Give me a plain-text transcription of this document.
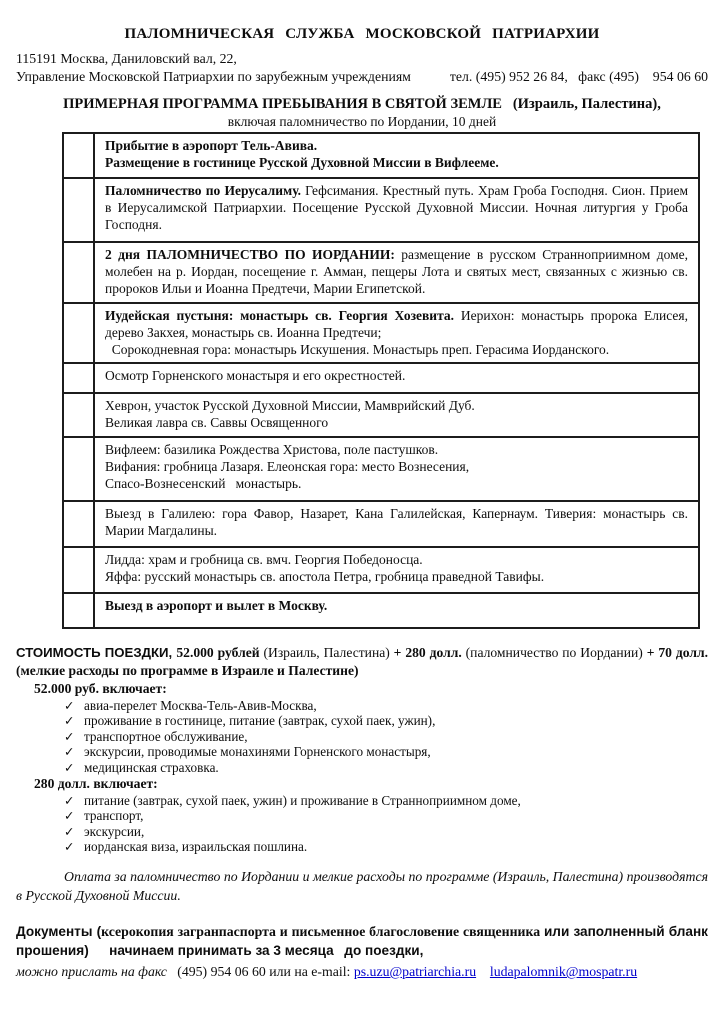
ПАЛОМНИЧЕСКАЯ СЛУЖБА МОСКОВСКОЙ ПАТРИАРХИИ
115191 Москва, Даниловский вал, 22,
Управление Московской Патриархии по зарубежным учреждениям	тел. (495) 952 26 84,  факс (495)   954 06 60
ПРИМЕРНАЯ ПРОГРАММА ПРЕБЫВАНИЯ В СВЯТОЙ ЗЕМЛЕ  (Израиль, Палестина),
включая паломничество по Иордании, 10 дней
Прибытие в аэропорт Тель-Авива.
Размещение в гостинице Русской Духовной Миссии в Вифлееме.
Паломничество по Иерусалиму. Гефсимания. Крестный путь. Храм Гроба Господня. Сион. Прием в Иерусалимской Патриархии. Посещение Русской Духовной Миссии. Ночная литургия у Гроба Господня.
2 дня ПАЛОМНИЧЕСТВО ПО ИОРДАНИИ: размещение в русском Странноприимном доме, молебен на р. Иордан, посещение г. Амман, пещеры Лота и святых мест, связанных с жизнью св. пророков Ильи и Иоанна Предтечи, Марии Египетской.
Иудейская пустыня: монастырь св. Георгия Хозевита. Иерихон: монастырь пророка Елисея, дерево Закхея, монастырь св. Иоанна Предтечи;
 Сорокодневная гора: монастырь Искушения. Монастырь преп. Герасима Иорданского.
Осмотр Горненского монастыря и его окрестностей.
Хеврон, участок Русской Духовной Миссии, Мамврийский Дуб.
Великая лавра св. Саввы Освященного
Вифлеем: базилика Рождества Христова, поле пастушков.
Вифания: гробница Лазаря. Елеонская гора: место Вознесения,
Спасо-Вознесенский  монастырь.
Выезд в Галилею: гора Фавор, Назарет, Кана Галилейская, Капернаум. Тиверия: монастырь св. Марии Магдалины.
Лидда: храм и гробница св. вмч. Георгия Победоносца.
Яффа: русский монастырь св. апостола Петра, гробница праведной Тавифы.
Выезд в аэропорт и вылет в Москву.
СТОИМОСТЬ ПОЕЗДКИ, 52.000 рублей (Израиль, Палестина) + 280 долл. (паломничество по Иордании) + 70 долл. (мелкие расходы по программе в Израиле и Палестине)
52.000 руб. включает:
✓ авиа-перелет Москва-Тель-Авив-Москва,
✓ проживание в гостинице, питание (завтрак, сухой паек, ужин),
✓ транспортное обслуживание,
✓ экскурсии, проводимые монахинями Горненского монастыря,
✓ медицинская страховка.
280 долл. включает:
✓ питание (завтрак, сухой паек, ужин) и проживание в Странноприимном доме,
✓ транспорт,
✓ экскурсии,
✓ иорданская виза, израильская пошлина.
Оплата за паломничество по Иордании и мелкие расходы по программе (Израиль, Палестина) производятся в Русской Духовной Миссии.
Документы (ксерокопия загранпаспорта и письменное благословение священника или заполненный бланк прошения)  начинаем принимать за 3 месяца  до поездки,
можно прислать на факс  (495) 954 06 60 или на e-mail: ps.uzu@patriarchia.ru  ludapalomnik@mospatr.ru
